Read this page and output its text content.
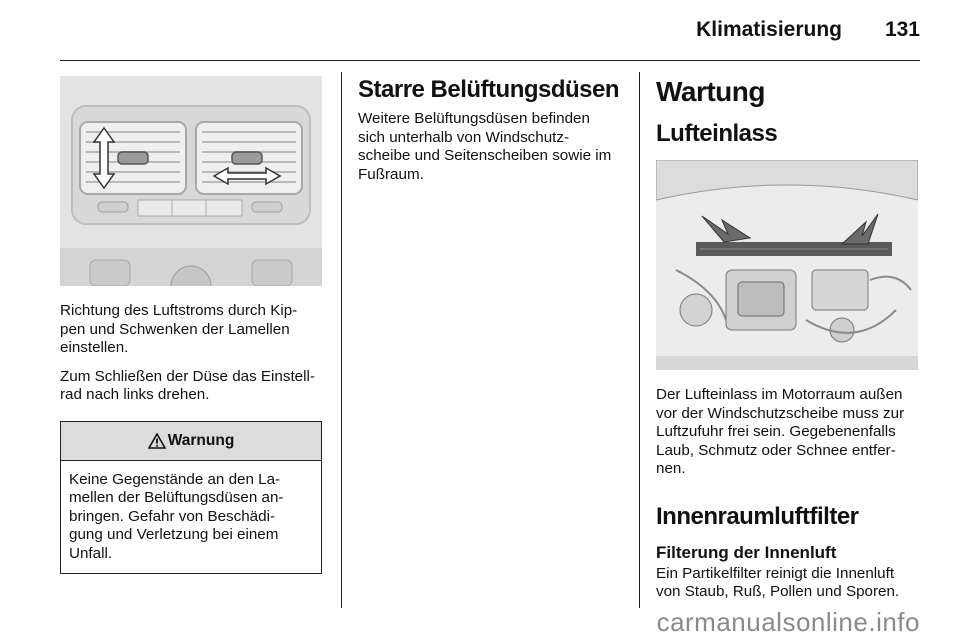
Klimatisierung 131

Richtung des Luftstroms durch Kip-
pen und Schwenken der Lamellen
einstellen.

Zum Schließen der Düse das Einstell-
rad nach links drehen.

Warnung

Keine Gegenstände an den La-
mellen der Belüftungsdüsen an-
bringen. Gefahr von Beschädi-
gung und Verletzung bei einem
Unfall.

Starre Belüftungsdüsen

Weitere Belüftungsdüsen befinden
sich unterhalb von Windschutz-
scheibe und Seitenscheiben sowie im
Fußraum.

Wartung
Lufteinlass

Der Lufteinlass im Motorraum außen
vor der Windschutzscheibe muss zur
Luftzufuhr frei sein. Gegebenenfalls
Laub, Schmutz oder Schnee entfer-
nen.

Innenraumluftfilter
Filterung der Innenluft

Ein Partikelfilter reinigt die Innenluft
von Staub, Ruß, Pollen und Sporen.

carmanualsonline.info
